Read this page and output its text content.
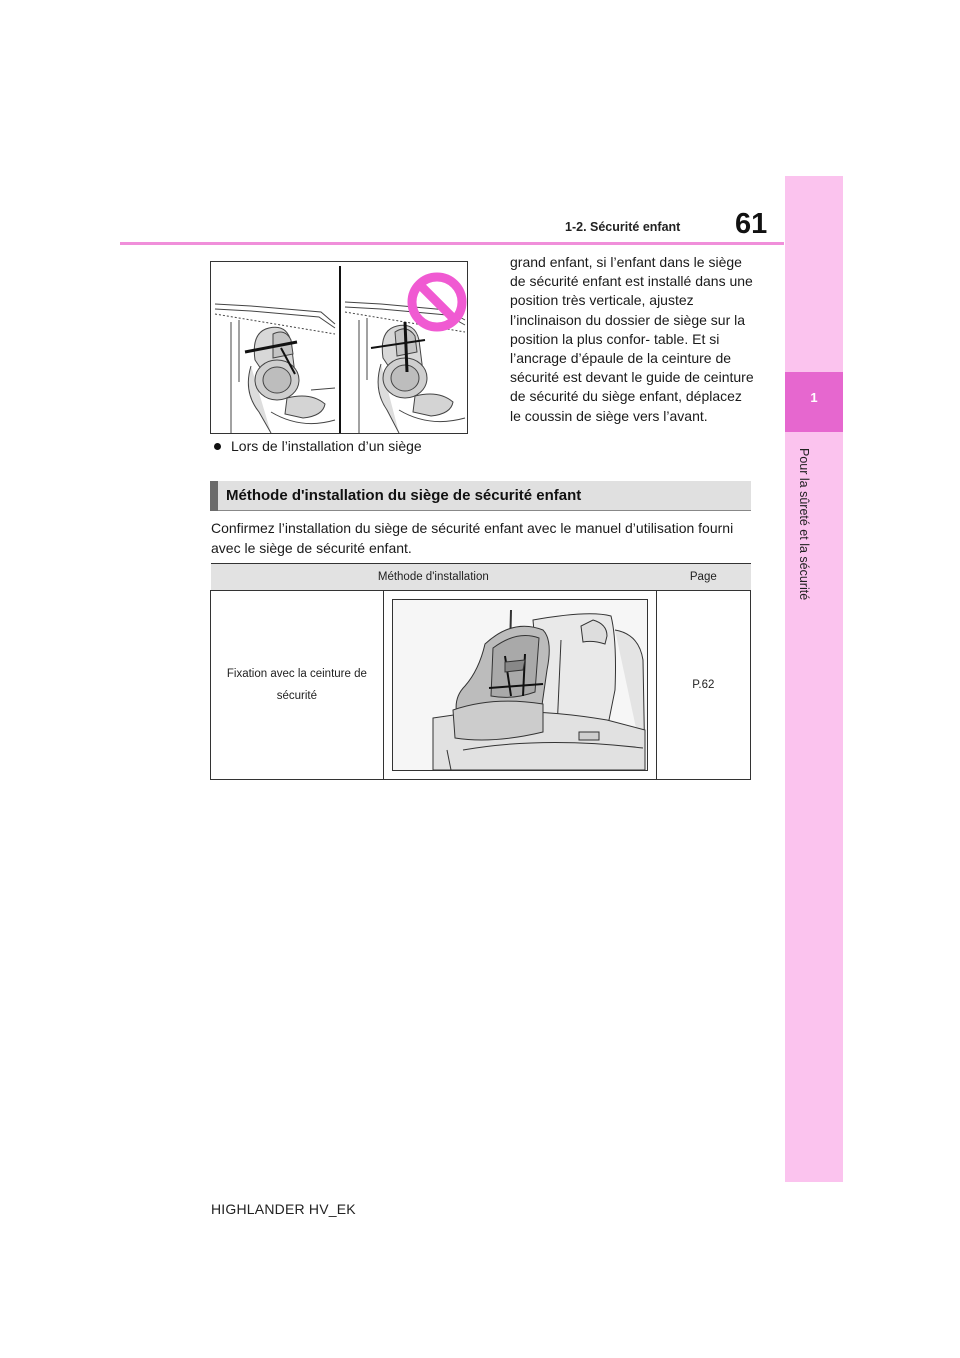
1
Pour la sûreté et la sécurité
1-2. Sécurité enfant 61
Lors de l’installation d’un siège
grand enfant, si l’enfant dans le siège de sécurité enfant est installé dans une position très verticale, ajustez l’inclinaison du dossier de siège sur la position la plus confor- table. Et si l’ancrage d’épaule de la ceinture de sécurité est devant le guide de ceinture de sécurité du siège enfant, déplacez le coussin de siège vers l’avant.
Méthode d'installation du siège de sécurité enfant
Confirmez l’installation du siège de sécurité enfant avec le manuel d’utilisation fourni avec le siège de sécurité enfant.
Méthode d'installation		Page
Fixation avec la ceinture de sécurité		P.62
HIGHLANDER HV_EK
